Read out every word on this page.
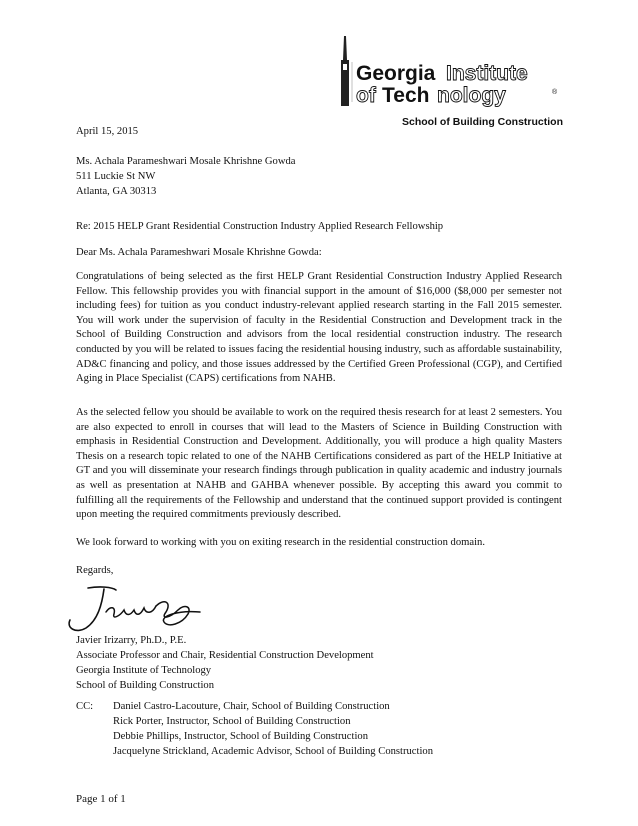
Georgia Institute
of Tech nology	®
School of Building Construction
April 15, 2015
Ms. Achala Parameshwari Mosale Khrishne Gowda
511 Luckie St NW
Atlanta, GA 30313
Re: 2015 HELP Grant Residential Construction Industry Applied Research Fellowship
Dear Ms. Achala Parameshwari Mosale Khrishne Gowda:
Congratulations of being selected as the first HELP Grant Residential Construction Industry Applied Research Fellow. This fellowship provides you with financial support in the amount of $16,000 ($8,000 per semester not including fees) for tuition as you conduct industry-relevant applied research starting in the Fall 2015 semester. You will work under the supervision of faculty in the Residential Construction and Development track in the School of Building Construction and advisors from the local residential construction industry. The research conducted by you will be related to issues facing the residential housing industry, such as affordable sustainability, AD&C financing and policy, and those issues addressed by the Certified Green Professional (CGP), and Certified Aging in Place Specialist (CAPS) certifications from NAHB.
As the selected fellow you should be available to work on the required thesis research for at least 2 semesters. You are also expected to enroll in courses that will lead to the Masters of Science in Building Construction with emphasis in Residential Construction and Development. Additionally, you will produce a high quality Masters Thesis on a research topic related to one of the NAHB Certifications considered as part of the HELP Initiative at GT and you will disseminate your research findings through publication in quality academic and industry journals as well as presentation at NAHB and GAHBA whenever possible. By accepting this award you commit to fulfilling all the requirements of the Fellowship and understand that the continued support provided is contingent upon meeting the required commitments previously described.
We look forward to working with you on exiting research in the residential construction domain.
Regards,
Javier Irizarry, Ph.D., P.E.
Associate Professor and Chair, Residential Construction Development
Georgia Institute of Technology
School of Building Construction
CC: Daniel Castro-Lacouture, Chair, School of Building Construction
Rick Porter, Instructor, School of Building Construction
Debbie Phillips, Instructor, School of Building Construction
Jacquelyne Strickland, Academic Advisor, School of Building Construction
Page 1 of 1
